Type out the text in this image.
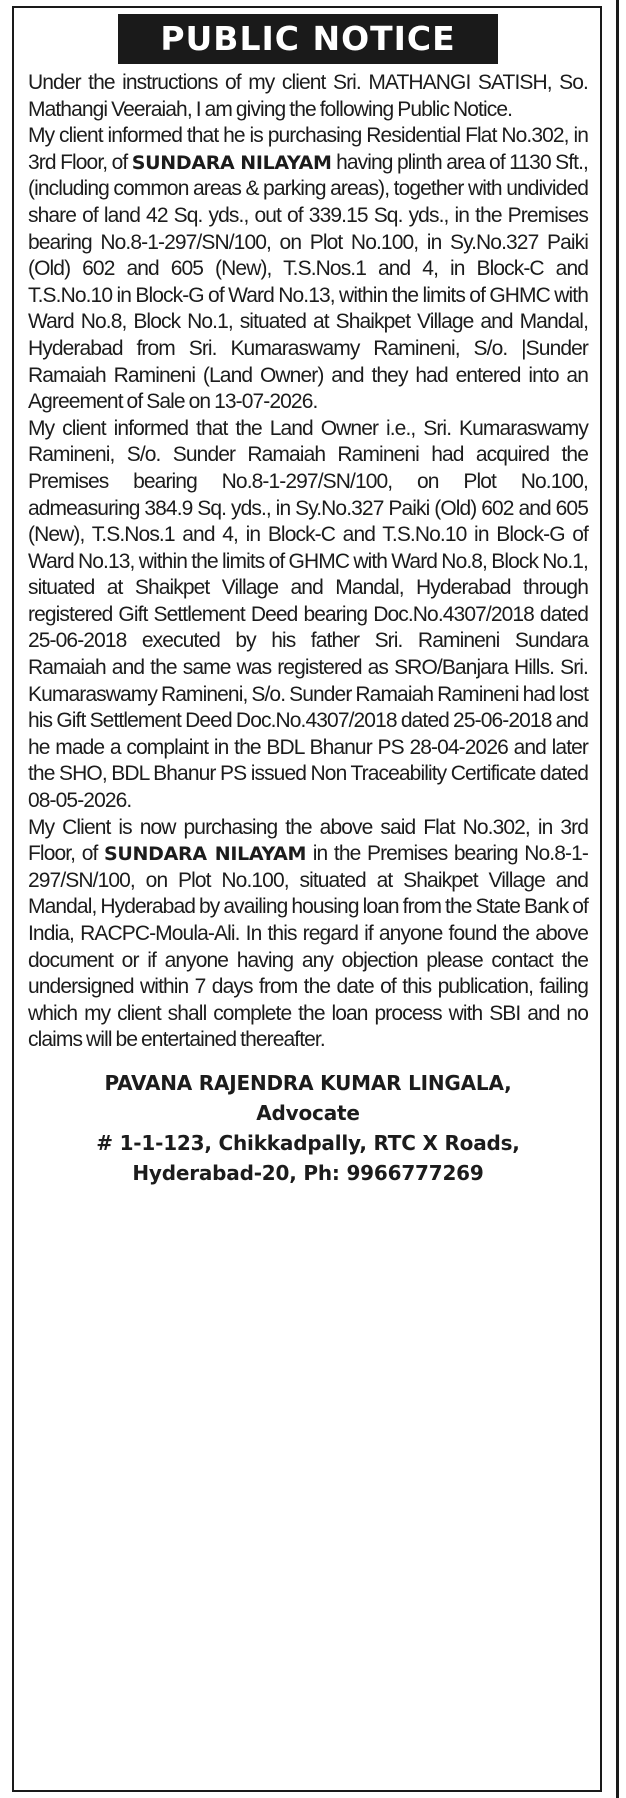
PUBLIC NOTICE

Under the instructions of my client Sri. MATHANGI SATISH, So. Mathangi Veeraiah, I am giving the following Public Notice.

My client informed that he is purchasing Residential Flat No.302, in 3rd Floor, of SUNDARA NILAYAM having plinth area of 1130 Sft., (including common areas & parking areas), together with undivided share of land 42 Sq. yds., out of 339.15 Sq. yds., in the Premises bearing No.8-1-297/SN/100, on Plot No.100, in Sy.No.327 Paiki (Old) 602 and 605 (New), T.S.Nos.1 and 4, in Block-C and T.S.No.10 in Block-G of Ward No.13, within the limits of GHMC with Ward No.8, Block No.1, situated at Shaikpet Village and Mandal, Hyderabad from Sri. Kumaraswamy Ramineni, S/o. |Sunder Ramaiah Ramineni (Land Owner) and they had entered into an Agreement of Sale on 13-07-2026.

My client informed that the Land Owner i.e., Sri. Kumaraswamy Ramineni, S/o. Sunder Ramaiah Ramineni had acquired the Premises bearing No.8-1-297/SN/100, on Plot No.100, admeasuring 384.9 Sq. yds., in Sy.No.327 Paiki (Old) 602 and 605 (New), T.S.Nos.1 and 4, in Block-C and T.S.No.10 in Block-G of Ward No.13, within the limits of GHMC with Ward No.8, Block No.1, situated at Shaikpet Village and Mandal, Hyderabad through registered Gift Settlement Deed bearing Doc.No.4307/2018 dated 25-06-2018 executed by his father Sri. Ramineni Sundara Ramaiah and the same was registered as SRO/Banjara Hills. Sri. Kumaraswamy Ramineni, S/o. Sunder Ramaiah Ramineni had lost his Gift Settlement Deed Doc.No.4307/2018 dated 25-06-2018 and he made a complaint in the BDL Bhanur PS 28-04-2026 and later the SHO, BDL Bhanur PS issued Non Traceability Certificate dated 08-05-2026.

My Client is now purchasing the above said Flat No.302, in 3rd Floor, of SUNDARA NILAYAM in the Premises bearing No.8-1-297/SN/100, on Plot No.100, situated at Shaikpet Village and Mandal, Hyderabad by availing housing loan from the State Bank of India, RACPC-Moula-Ali. In this regard if anyone found the above document or if anyone having any objection please contact the undersigned within 7 days from the date of this publication, failing which my client shall complete the loan process with SBI and no claims will be entertained thereafter.

PAVANA RAJENDRA KUMAR LINGALA,
Advocate
# 1-1-123, Chikkadpally, RTC X Roads,
Hyderabad-20, Ph: 9966777269
